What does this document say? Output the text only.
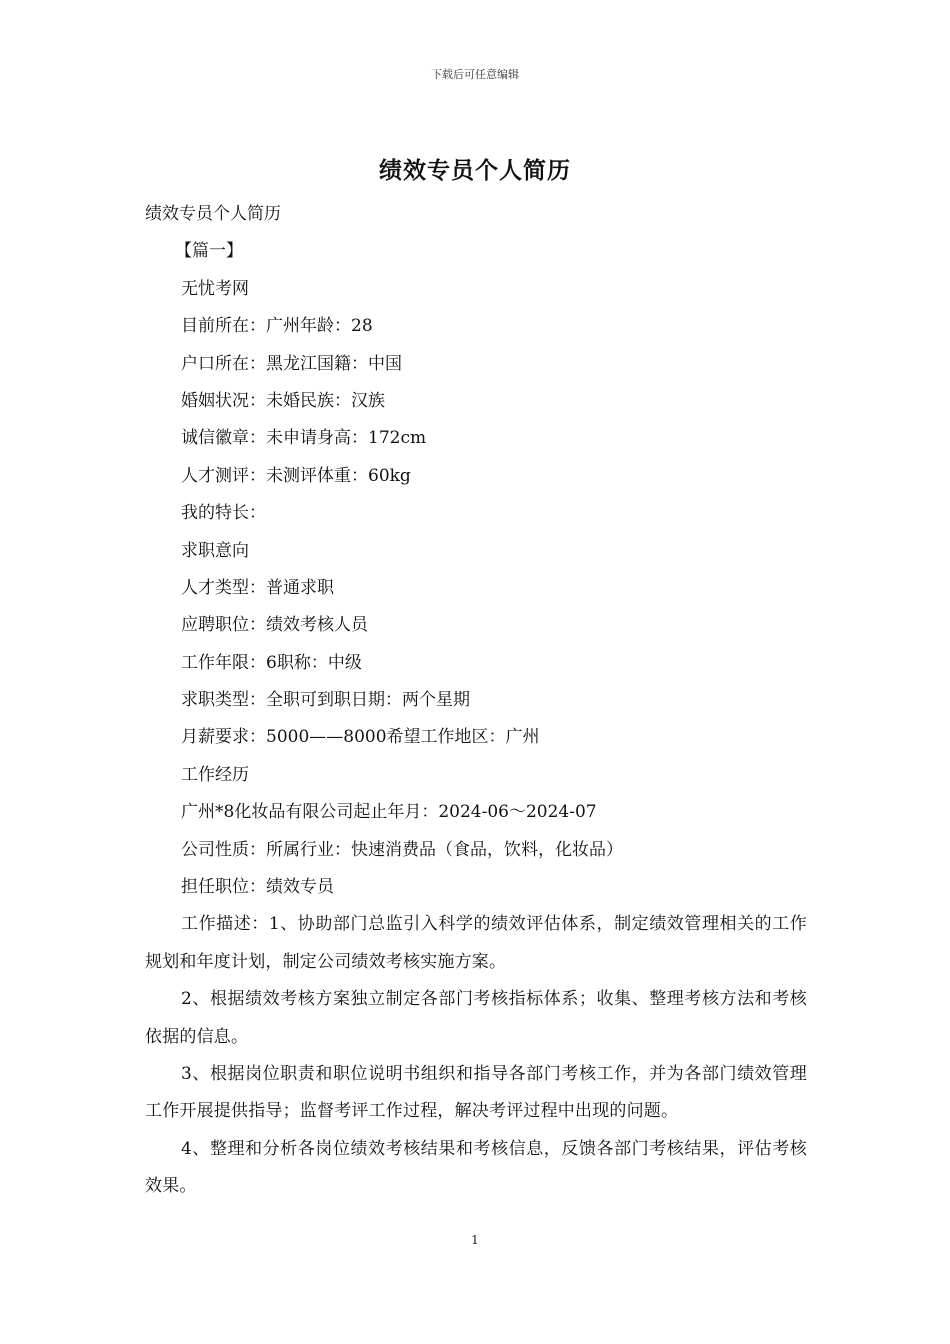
下载后可任意编辑
绩效专员个人简历
绩效专员个人简历
【篇一】
无忧考网
目前所在：广州年龄：28
户口所在：黑龙江国籍：中国
婚姻状况：未婚民族：汉族
诚信徽章：未申请身高：172cm
人才测评：未测评体重：60kg
我的特长：
求职意向
人才类型：普通求职
应聘职位：绩效考核人员
工作年限：6职称：中级
求职类型：全职可到职日期：两个星期
月薪要求：5000——8000希望工作地区：广州
工作经历
广州*8化妆品有限公司起止年月：2024-06～2024-07
公司性质：所属行业：快速消费品（食品，饮料，化妆品）
担任职位：绩效专员

工作描述：1、协助部门总监引入科学的绩效评估体系，制定绩效管理相关的工作规划和年度计划，制定公司绩效考核实施方案。

2、根据绩效考核方案独立制定各部门考核指标体系；收集、整理考核方法和考核依据的信息。

3、根据岗位职责和职位说明书组织和指导各部门考核工作，并为各部门绩效管理工作开展提供指导；监督考评工作过程，解决考评过程中出现的问题。

4、整理和分析各岗位绩效考核结果和考核信息，反馈各部门考核结果，评估考核效果。

1
